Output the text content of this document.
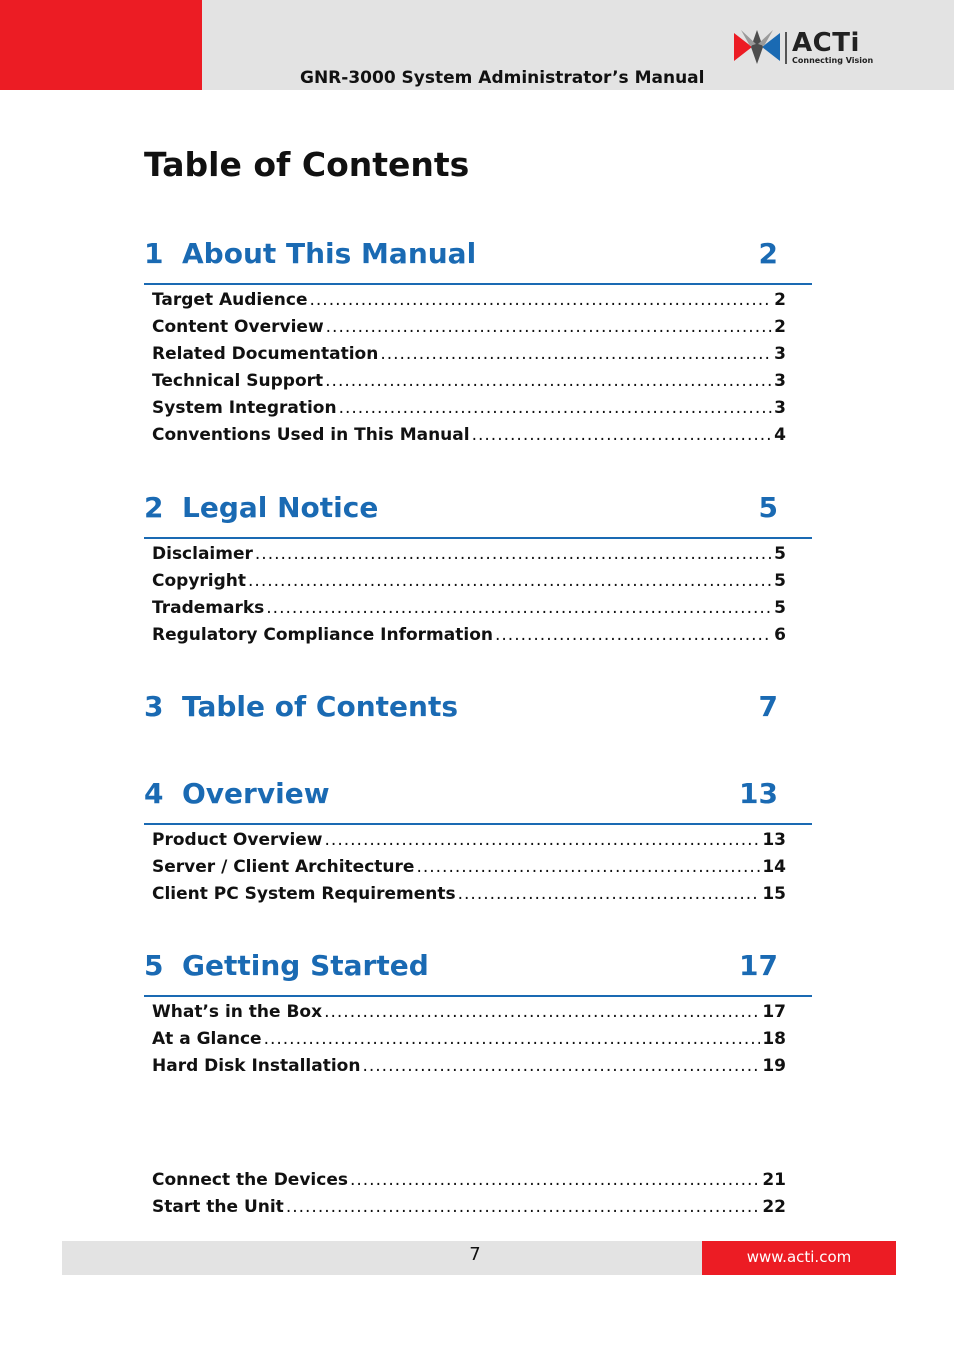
ACTi
Connecting Vision
GNR-3000 System Administrator’s Manual
Table of Contents
1 About This Manual	2
Target Audience .....	2
Content Overview .....	2
Related Documentation .....	3
Technical Support .....	3
System Integration .....	3
Conventions Used in This Manual .....	4
2 Legal Notice	5
Disclaimer .....	5
Copyright .....	5
Trademarks .....	5
Regulatory Compliance Information .....	6
3 Table of Contents	7
4 Overview	13
Product Overview .....	13
Server / Client Architecture .....	14
Client PC System Requirements .....	15
5 Getting Started	17
What’s in the Box .....	17
At a Glance .....	18
Hard Disk Installation .....	19
Connect the Devices .....	21
Start the Unit .....	22
7	www.acti.com
